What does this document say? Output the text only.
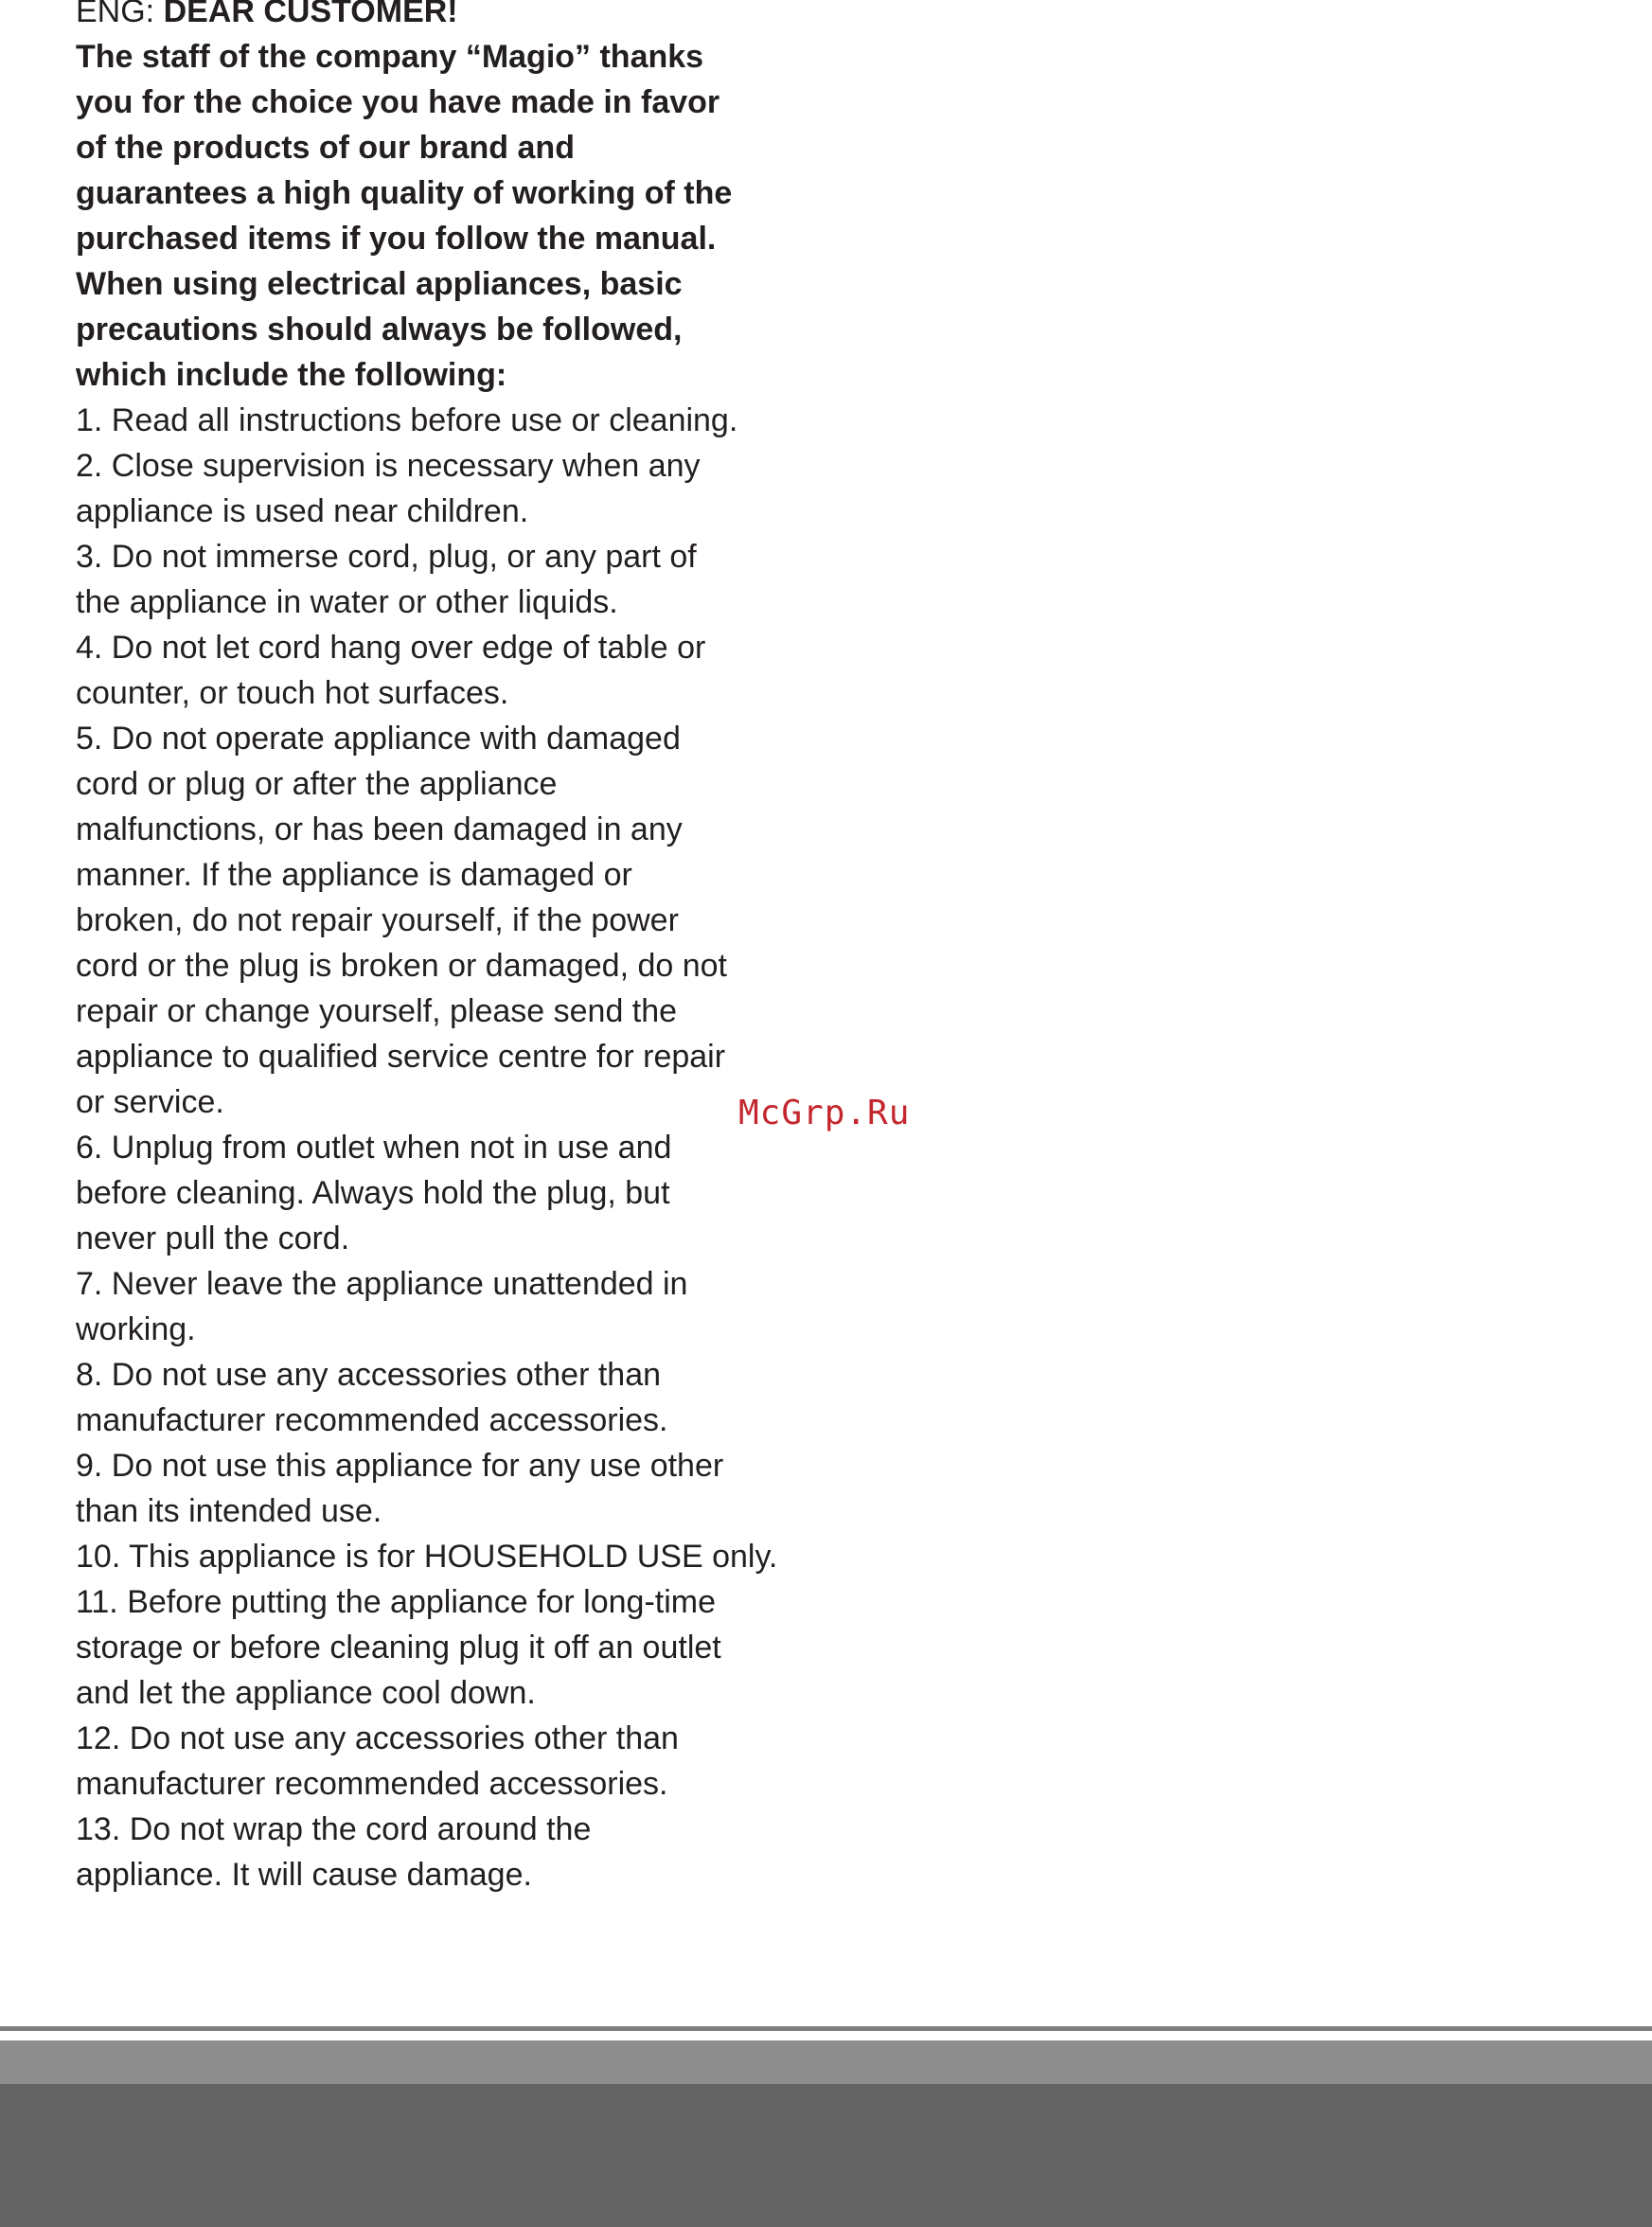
ENG: DEAR CUSTOMER!

The staff of the company “Magio” thanks

you for the choice you have made in favor

of the products of our brand and

guarantees a high quality of working of the

purchased items if you follow the manual.

When using electrical appliances, basic

precautions should always be followed,

which include the following:

1. Read all instructions before use or cleaning.

2. Close supervision is necessary when any

appliance is used near children.

3. Do not immerse cord, plug, or any part of

the appliance in water or other liquids.

4. Do not let cord hang over edge of table or

counter, or touch hot surfaces.

5. Do not operate appliance with damaged

cord or plug or after the appliance

malfunctions, or has been damaged in any

manner. If the appliance is damaged or

broken, do not repair yourself, if the power

cord or the plug is broken or damaged, do not

repair or change yourself, please send the

appliance to qualified service centre for repair

or service.

6. Unplug from outlet when not in use and

before cleaning. Always hold the plug, but

never pull the cord.

7. Never leave the appliance unattended in

working.

8. Do not use any accessories other than

manufacturer recommended accessories.

9. Do not use this appliance for any use other

than its intended use.

10. This appliance is for HOUSEHOLD USE only.

11. Before putting the appliance for long-time

storage or before cleaning plug it off an outlet

and let the appliance cool down.

12. Do not use any accessories other than

manufacturer recommended accessories.

13. Do not wrap the cord around the

appliance. It will cause damage.

McGrp.Ru
